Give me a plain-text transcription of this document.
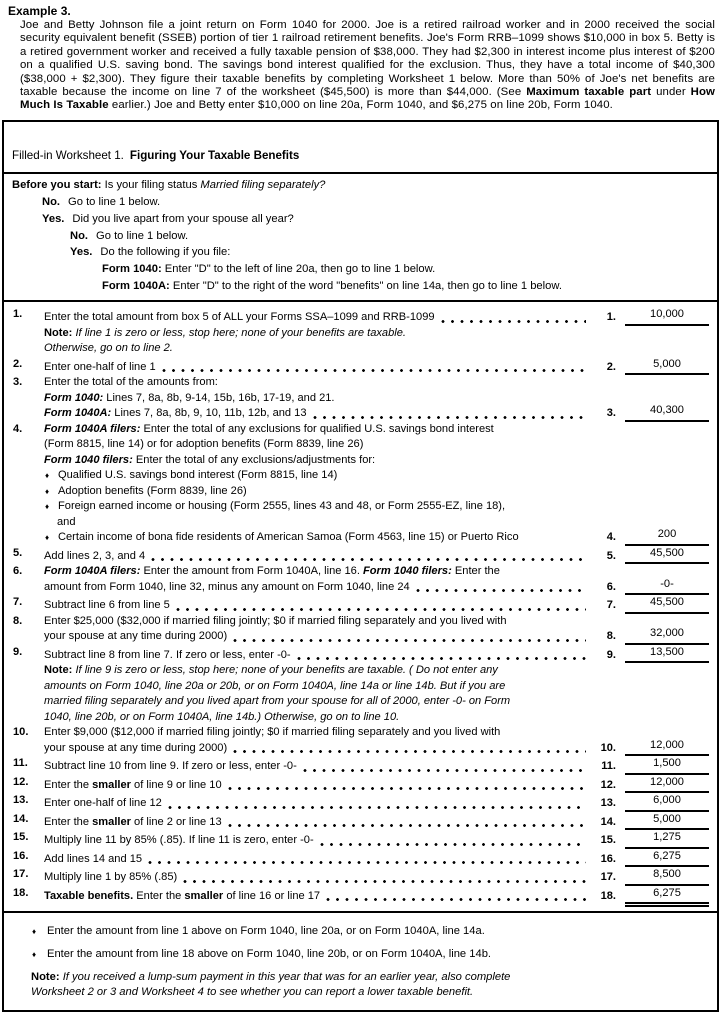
Example 3.
Joe and Betty Johnson file a joint return on Form 1040 for 2000. Joe is a retired railroad worker and in 2000 received the social security equivalent benefit (SSEB) portion of tier 1 railroad retirement benefits. Joe's Form RRB–1099 shows $10,000 in box 5. Betty is a retired government worker and received a fully taxable pension of $38,000. They had $2,300 in interest income plus interest of $200 on a qualified U.S. saving bond. The savings bond interest qualified for the exclusion. Thus, they have a total income of $40,300 ($38,000 + $2,300). They figure their taxable benefits by completing Worksheet 1 below. More than 50% of Joe's net benefits are taxable because the income on line 7 of the worksheet ($45,500) is more than $44,000. (See Maximum taxable part under How Much Is Taxable earlier.) Joe and Betty enter $10,000 on line 20a, Form 1040, and $6,275 on line 20b, Form 1040.
Filled-in Worksheet 1. Figuring Your Taxable Benefits
Before you start: Is your filing status Married filing separately?
No. Go to line 1 below.
Yes. Did you live apart from your spouse all year?
No. Go to line 1 below.
Yes. Do the following if you file:
Form 1040: Enter "D" to the left of line 20a, then go to line 1 below.
Form 1040A: Enter "D" to the right of the word "benefits" on line 14a, then go to line 1 below.
1.	Enter the total amount from box 5 of ALL your Forms SSA–1099 and RRB-1099	1.	10,000
Note: If line 1 is zero or less, stop here; none of your benefits are taxable.
Otherwise, go on to line 2.
2.	Enter one-half of line 1	2.	5,000
3.	Enter the total of the amounts from:
Form 1040: Lines 7, 8a, 8b, 9-14, 15b, 16b, 17-19, and 21.
Form 1040A: Lines 7, 8a, 8b, 9, 10, 11b, 12b, and 13	3.	40,300
4.	Form 1040A filers: Enter the total of any exclusions for qualified U.S. savings bond interest
(Form 8815, line 14) or for adoption benefits (Form 8839, line 26)
Form 1040 filers: Enter the total of any exclusions/adjustments for:
♦ Qualified U.S. savings bond interest (Form 8815, line 14)
♦ Adoption benefits (Form 8839, line 26)
♦ Foreign earned income or housing (Form 2555, lines 43 and 48, or Form 2555-EZ, line 18),
and
♦ Certain income of bona fide residents of American Samoa (Form 4563, line 15) or Puerto Rico	4.	200
5.	Add lines 2, 3, and 4	5.	45,500
6.	Form 1040A filers: Enter the amount from Form 1040A, line 16. Form 1040 filers: Enter the
amount from Form 1040, line 32, minus any amount on Form 1040, line 24	6.	-0-
7.	Subtract line 6 from line 5	7.	45,500
8.	Enter $25,000 ($32,000 if married filing jointly; $0 if married filing separately and you lived with
your spouse at any time during 2000)	8.	32,000
9.	Subtract line 8 from line 7. If zero or less, enter -0-	9.	13,500
Note: If line 9 is zero or less, stop here; none of your benefits are taxable. ( Do not enter any
amounts on Form 1040, line 20a or 20b, or on Form 1040A, line 14a or line 14b. But if you are
married filing separately and you lived apart from your spouse for all of 2000, enter -0- on Form
1040, line 20b, or on Form 1040A, line 14b.) Otherwise, go on to line 10.
10.	Enter $9,000 ($12,000 if married filing jointly; $0 if married filing separately and you lived with
your spouse at any time during 2000)	10.	12,000
11.	Subtract line 10 from line 9. If zero or less, enter -0-	11.	1,500
12.	Enter the smaller of line 9 or line 10	12.	12,000
13.	Enter one-half of line 12	13.	6,000
14.	Enter the smaller of line 2 or line 13	14.	5,000
15.	Multiply line 11 by 85% (.85). If line 11 is zero, enter -0-	15.	1,275
16.	Add lines 14 and 15	16.	6,275
17.	Multiply line 1 by 85% (.85)	17.	8,500
18.	Taxable benefits. Enter the smaller of line 16 or line 17	18.	6,275
♦ Enter the amount from line 1 above on Form 1040, line 20a, or on Form 1040A, line 14a.
♦ Enter the amount from line 18 above on Form 1040, line 20b, or on Form 1040A, line 14b.
Note: If you received a lump-sum payment in this year that was for an earlier year, also complete Worksheet 2 or 3 and Worksheet 4 to see whether you can report a lower taxable benefit.
